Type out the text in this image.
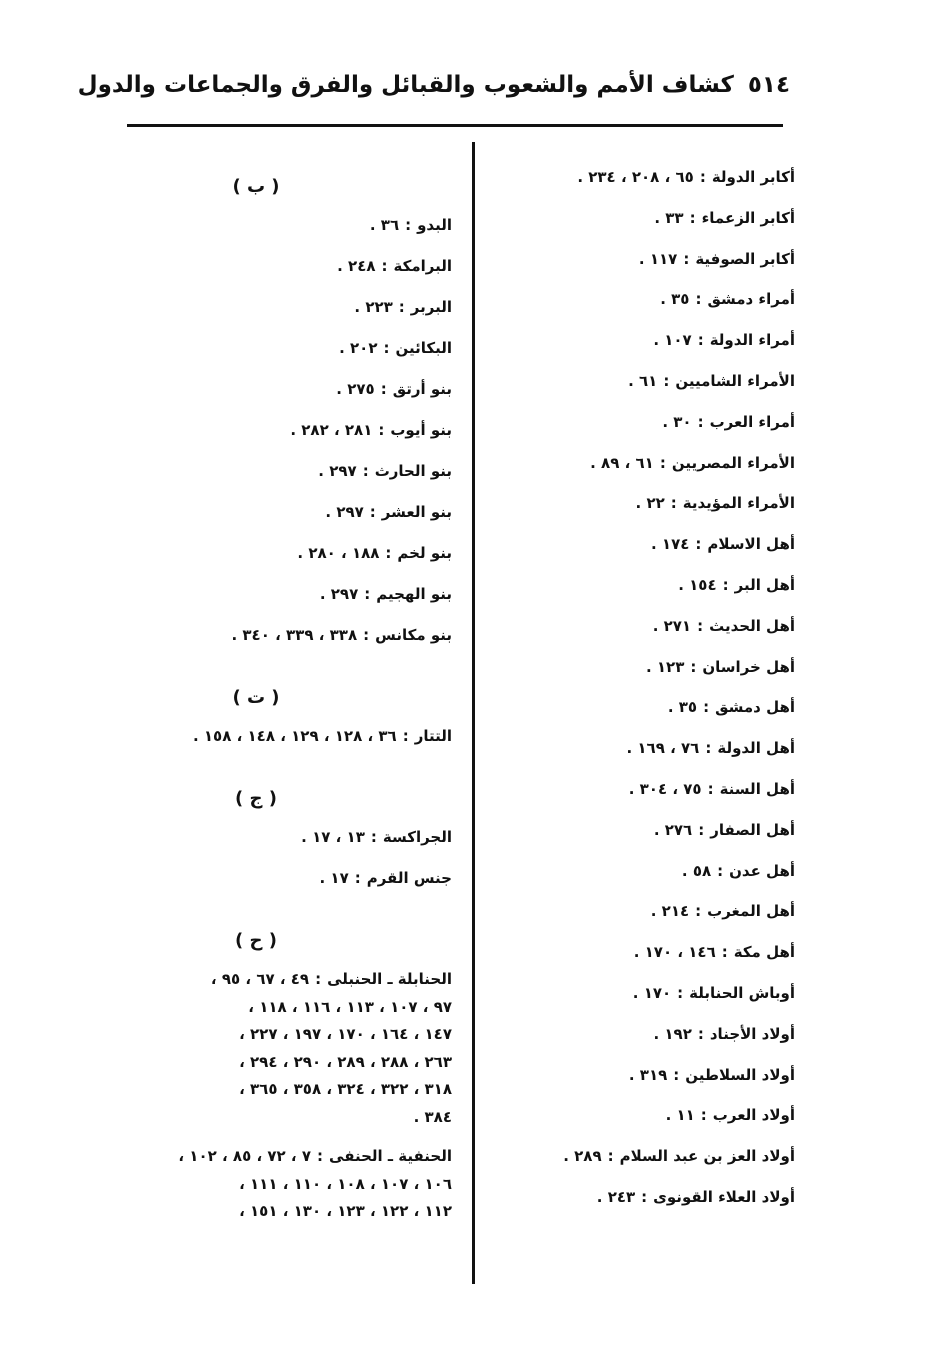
٥١٤كشاف الأمم والشعوب والقبائل والفرق والجماعات والدول
أكابر الدولة:٦٥ ، ٢٠٨ ، ٢٣٤ .
أكابر الزعماء:٣٣ .
أكابر الصوفية:١١٧ .
أمراء دمشق:٣٥ .
أمراء الدولة:١٠٧ .
الأمراء الشاميين:٦١ .
أمراء العرب:٣٠ .
الأمراء المصريين:٦١ ، ٨٩ .
الأمراء المؤيدية:٢٢ .
أهل الاسلام:١٧٤ .
أهل البر:١٥٤ .
أهل الحديث:٢٧١ .
أهل خراسان:١٢٣ .
أهل دمشق:٣٥ .
أهل الدولة:٧٦ ، ١٦٩ .
أهل السنة:٧٥ ، ٣٠٤ .
أهل الصفار:٢٧٦ .
أهل عدن:٥٨ .
أهل المغرب:٢١٤ .
أهل مكة:١٤٦ ، ١٧٠ .
أوباش الحنابلة:١٧٠ .
أولاد الأجناد:١٩٢ .
أولاد السلاطين:٣١٩ .
أولاد العرب:١١ .
أولاد العز بن عبد السلام:٢٨٩ .
أولاد العلاء القونوى:٢٤٣ .
( ب )
البدو:٣٦ .
البرامكة:٢٤٨ .
البربر:٢٢٣ .
البكائين:٢٠٢ .
بنو أرتق:٢٧٥ .
بنو أيوب:٢٨١ ، ٢٨٢ .
بنو الحارث:٢٩٧ .
بنو العشر:٢٩٧ .
بنو لخم:١٨٨ ، ٢٨٠ .
بنو الهجيم:٢٩٧ .
بنو مكانس:٣٣٨ ، ٣٣٩ ، ٣٤٠ .
( ت )
التتار:٣٦ ، ١٢٨ ، ١٢٩ ، ١٤٨ ، ١٥٨ .
( ج )
الجراكسة:١٣ ، ١٧ .
جنس القرم:١٧ .
( ح )
الحنابلة ـ الحنبلى:٤٩ ، ٦٧ ، ٩٥ ،
٩٧ ، ١٠٧ ، ١١٣ ، ١١٦ ، ١١٨ ،
١٤٧ ، ١٦٤ ، ١٧٠ ، ١٩٧ ، ٢٢٧ ،
٢٦٣ ، ٢٨٨ ، ٢٨٩ ، ٢٩٠ ، ٢٩٤ ،
٣١٨ ، ٣٢٢ ، ٣٢٤ ، ٣٥٨ ، ٣٦٥ ،
٣٨٤ .
الحنفية ـ الحنفى:٧ ، ٧٢ ، ٨٥ ، ١٠٢ ،
١٠٦ ، ١٠٧ ، ١٠٨ ، ١١٠ ، ١١١ ،
١١٢ ، ١٢٢ ، ١٢٣ ، ١٣٠ ، ١٥١ ،
